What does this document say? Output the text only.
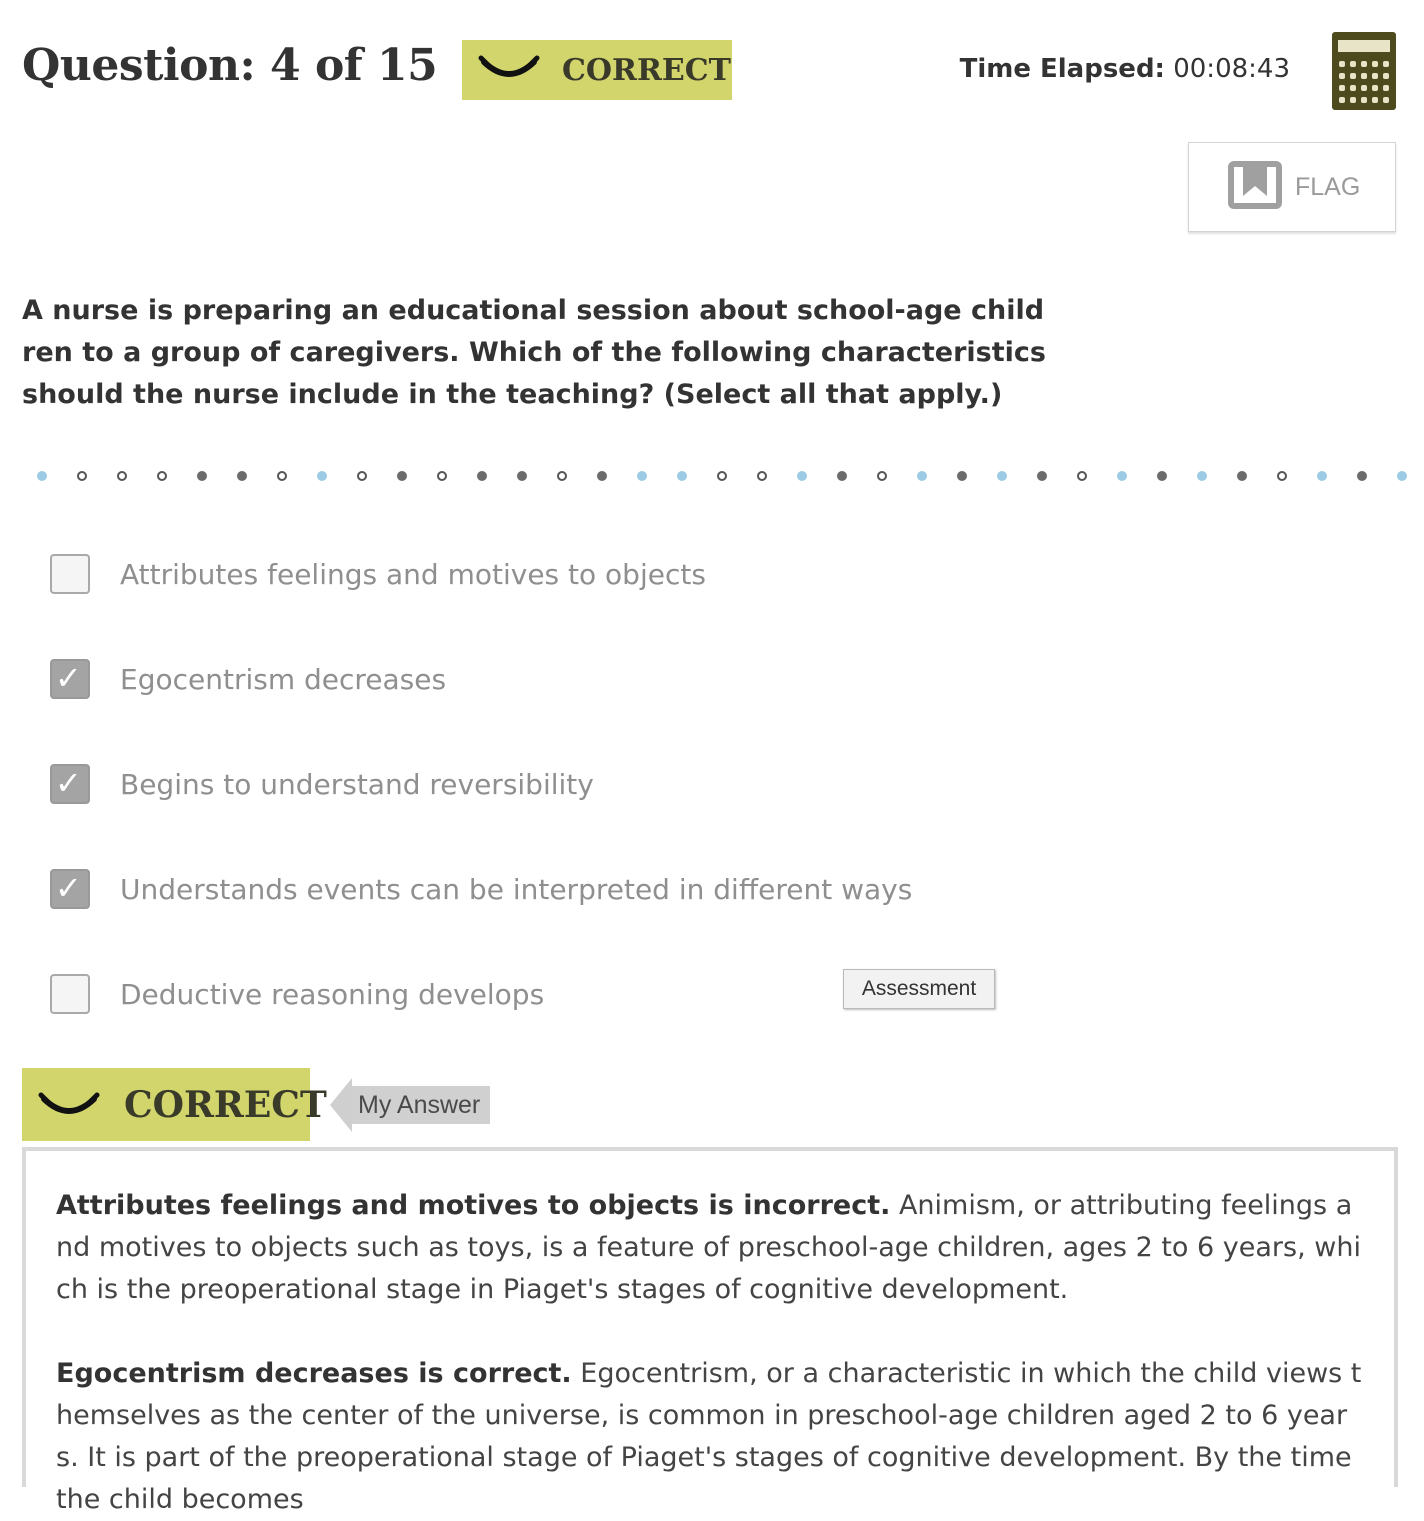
Question: 4 of 15	CORRECT	Time Elapsed: 00:08:43
FLAG

A nurse is preparing an educational session about school-age children to a group of caregivers. Which of the following characteristics should the nurse include in the teaching? (Select all that apply.)

Attributes feelings and motives to objects
✓ Egocentrism decreases
✓ Begins to understand reversibility
✓ Understands events can be interpreted in different ways
Deductive reasoning develops	Assessment
CORRECT My Answer

Attributes feelings and motives to objects is incorrect. Animism, or attributing feelings and motives to objects such as toys, is a feature of preschool-age children, ages 2 to 6 years, which is the preoperational stage in Piaget's stages of cognitive development.

Egocentrism decreases is correct. Egocentrism, or a characteristic in which the child views themselves as the center of the universe, is common in preschool-age children aged 2 to 6 years. It is part of the preoperational stage of Piaget's stages of cognitive development. By the time the child becomes
